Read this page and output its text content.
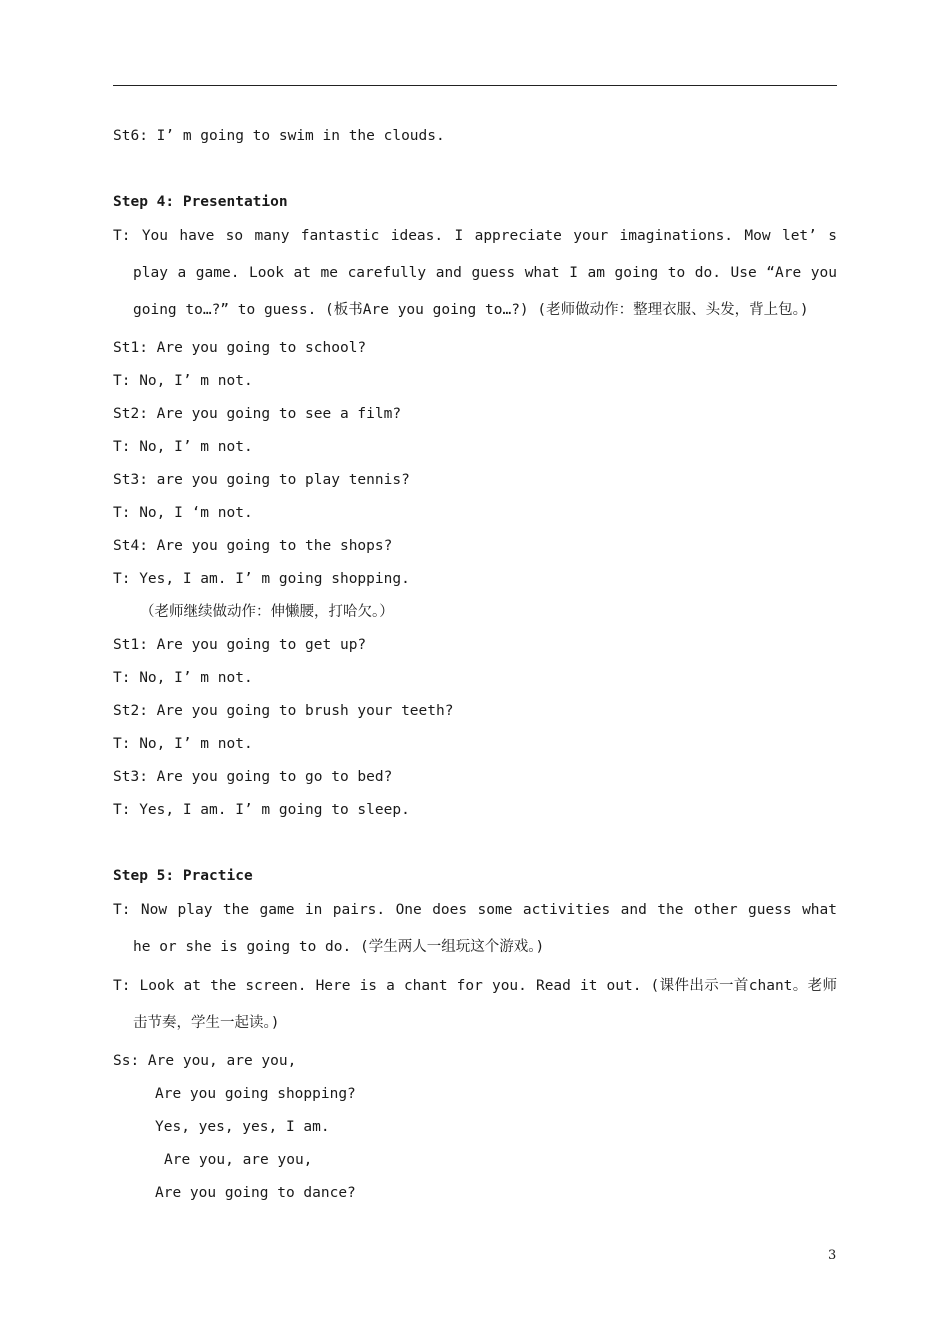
St6: I’ m going to swim in the clouds.
Step 4: Presentation
T: You have so many fantastic ideas. I appreciate your imaginations. Mow let’ s play a game. Look at me carefully and guess what I am going to do. Use “Are you going to…?” to guess. (板书Are you going to…?) (老师做动作：整理衣服、头发，背上包。)
St1: Are you going to school?
T: No, I’ m not.
St2: Are you going to see a film?
T: No, I’ m not.
St3: are you going to play tennis?
T: No, I ‘m not.
St4: Are you going to the shops?
T: Yes, I am. I’ m going shopping.
（老师继续做动作：伸懒腰，打哈欠。）
St1: Are you going to get up?
T: No, I’ m not.
St2: Are you going to brush your teeth?
T: No, I’ m not.
St3: Are you going to go to bed?
T: Yes, I am. I’ m going to sleep.
Step 5: Practice
T: Now play the game in pairs. One does some activities and the other guess what he or she is going to do. (学生两人一组玩这个游戏。)
T: Look at the screen. Here is a chant for you. Read it out. (课件出示一首chant。老师击节奏，学生一起读。)
Ss: Are you, are you,
Are you going shopping?
Yes, yes, yes, I am.
Are you, are you,
Are you going to dance?
3
